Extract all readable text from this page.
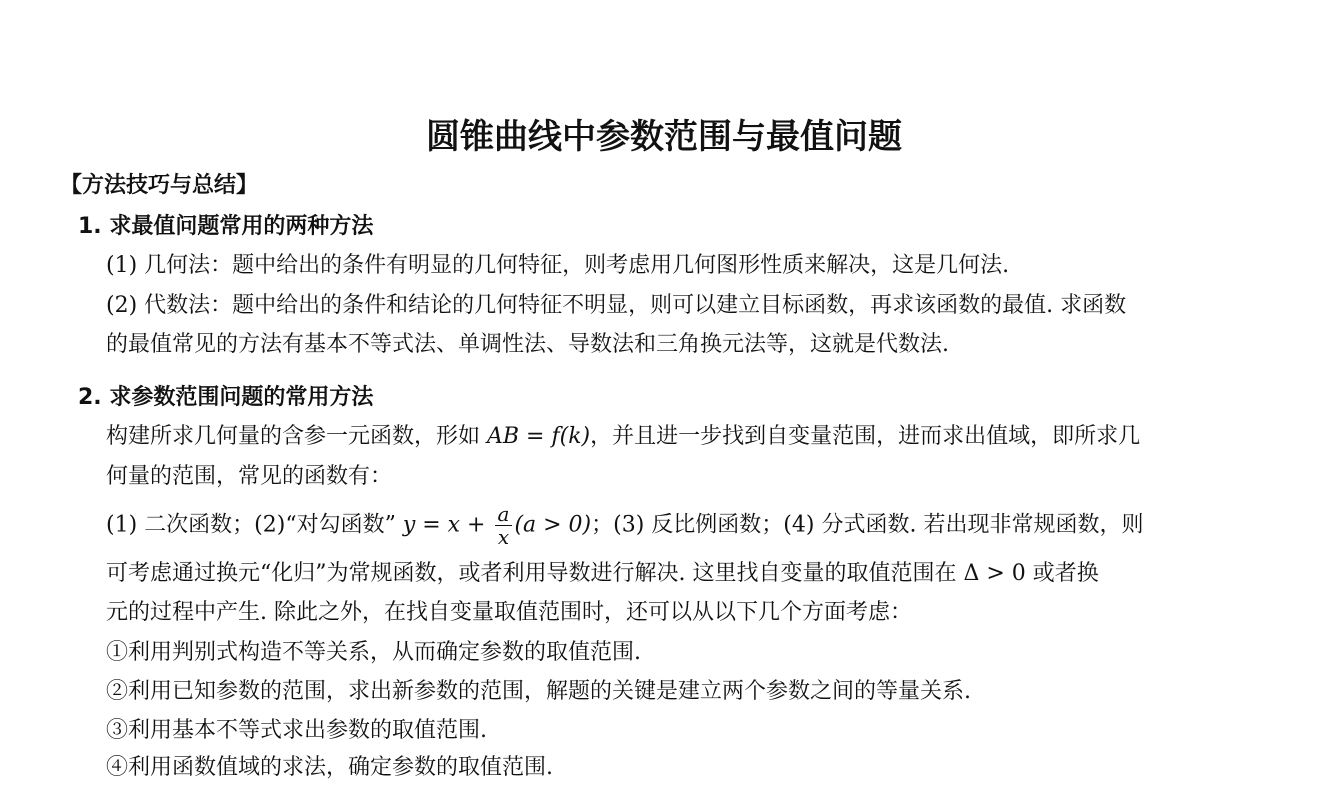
圆锥曲线中参数范围与最值问题
【方法技巧与总结】
1. 求最值问题常用的两种方法
(1) 几何法：题中给出的条件有明显的几何特征，则考虑用几何图形性质来解决，这是几何法.
(2) 代数法：题中给出的条件和结论的几何特征不明显，则可以建立目标函数，再求该函数的最值. 求函数
的最值常见的方法有基本不等式法、单调性法、导数法和三角换元法等，这就是代数法.
2. 求参数范围问题的常用方法
构建所求几何量的含参一元函数，形如 AB = f(k)，并且进一步找到自变量范围，进而求出值域，即所求几
何量的范围，常见的函数有：
(1) 二次函数；(2)“对勾函数” $y = x + \frac{a}{x} (a > 0)$；(3) 反比例函数；(4) 分式函数. 若出现非常规函数，则
可考虑通过换元“化归”为常规函数，或者利用导数进行解决. 这里找自变量的取值范围在 Δ > 0 或者换
元的过程中产生. 除此之外，在找自变量取值范围时，还可以从以下几个方面考虑：
①利用判别式构造不等关系，从而确定参数的取值范围.
②利用已知参数的范围，求出新参数的范围，解题的关键是建立两个参数之间的等量关系.
③利用基本不等式求出参数的取值范围.
④利用函数值域的求法，确定参数的取值范围.
